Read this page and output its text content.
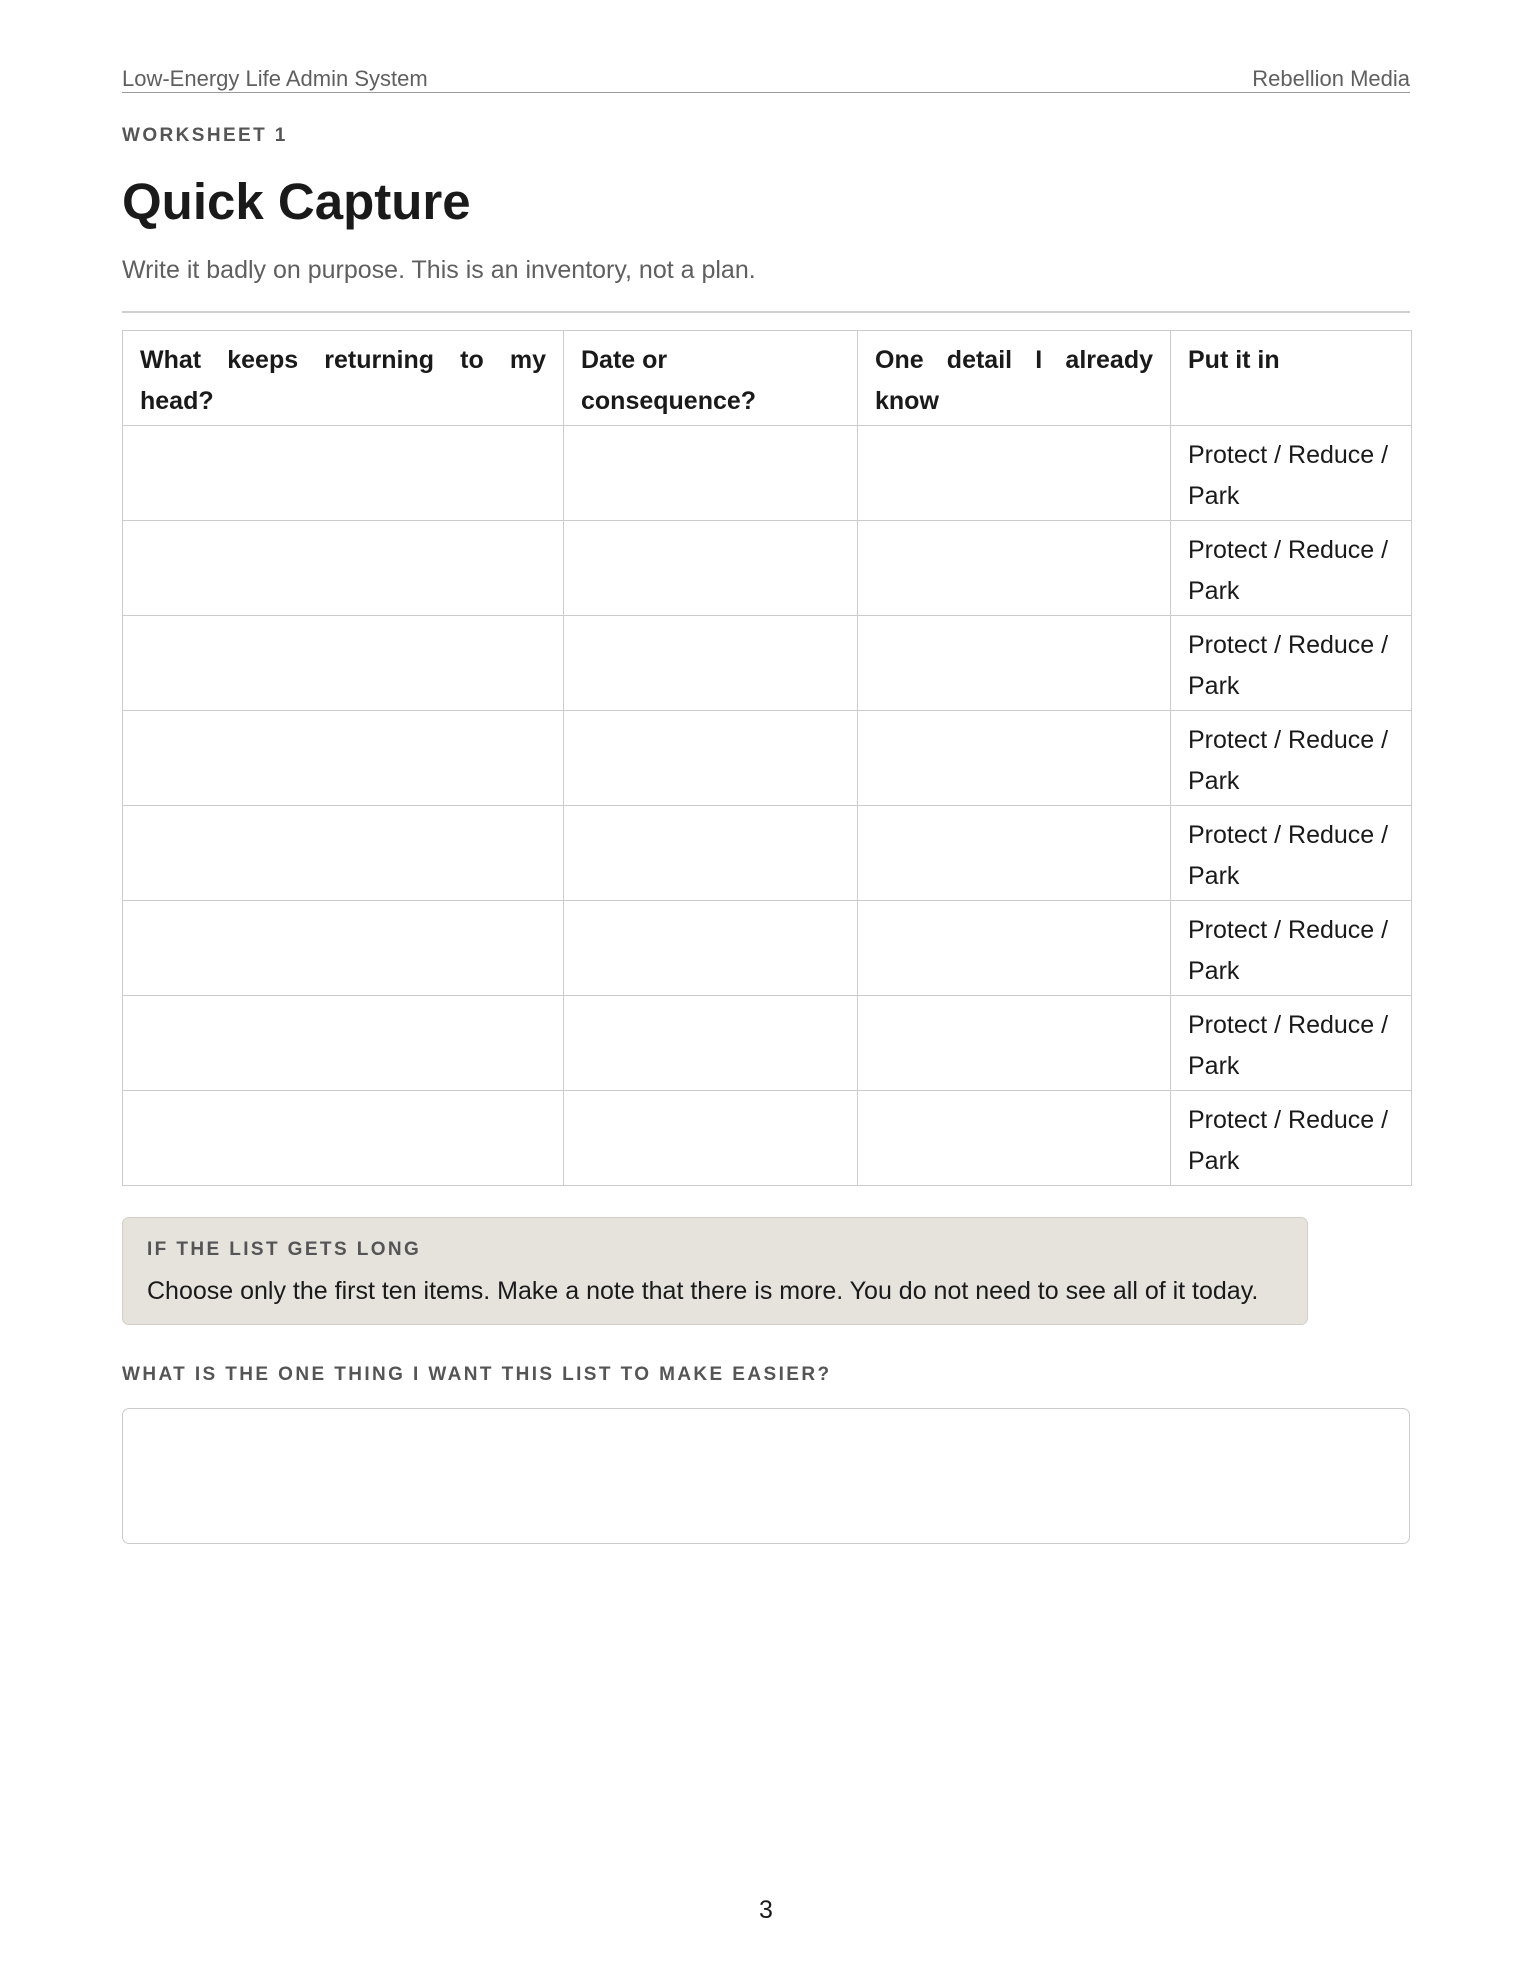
Low-Energy Life Admin System	Rebellion Media
WORKSHEET 1
Quick Capture
Write it badly on purpose. This is an inventory, not a plan.
What keeps returning to my head?	Date or consequence?	One detail I already know	Put it in
			Protect / Reduce / Park
			Protect / Reduce / Park
			Protect / Reduce / Park
			Protect / Reduce / Park
			Protect / Reduce / Park
			Protect / Reduce / Park
			Protect / Reduce / Park
			Protect / Reduce / Park
IF THE LIST GETS LONG
Choose only the first ten items. Make a note that there is more. You do not need to see all of it today.
WHAT IS THE ONE THING I WANT THIS LIST TO MAKE EASIER?
3
